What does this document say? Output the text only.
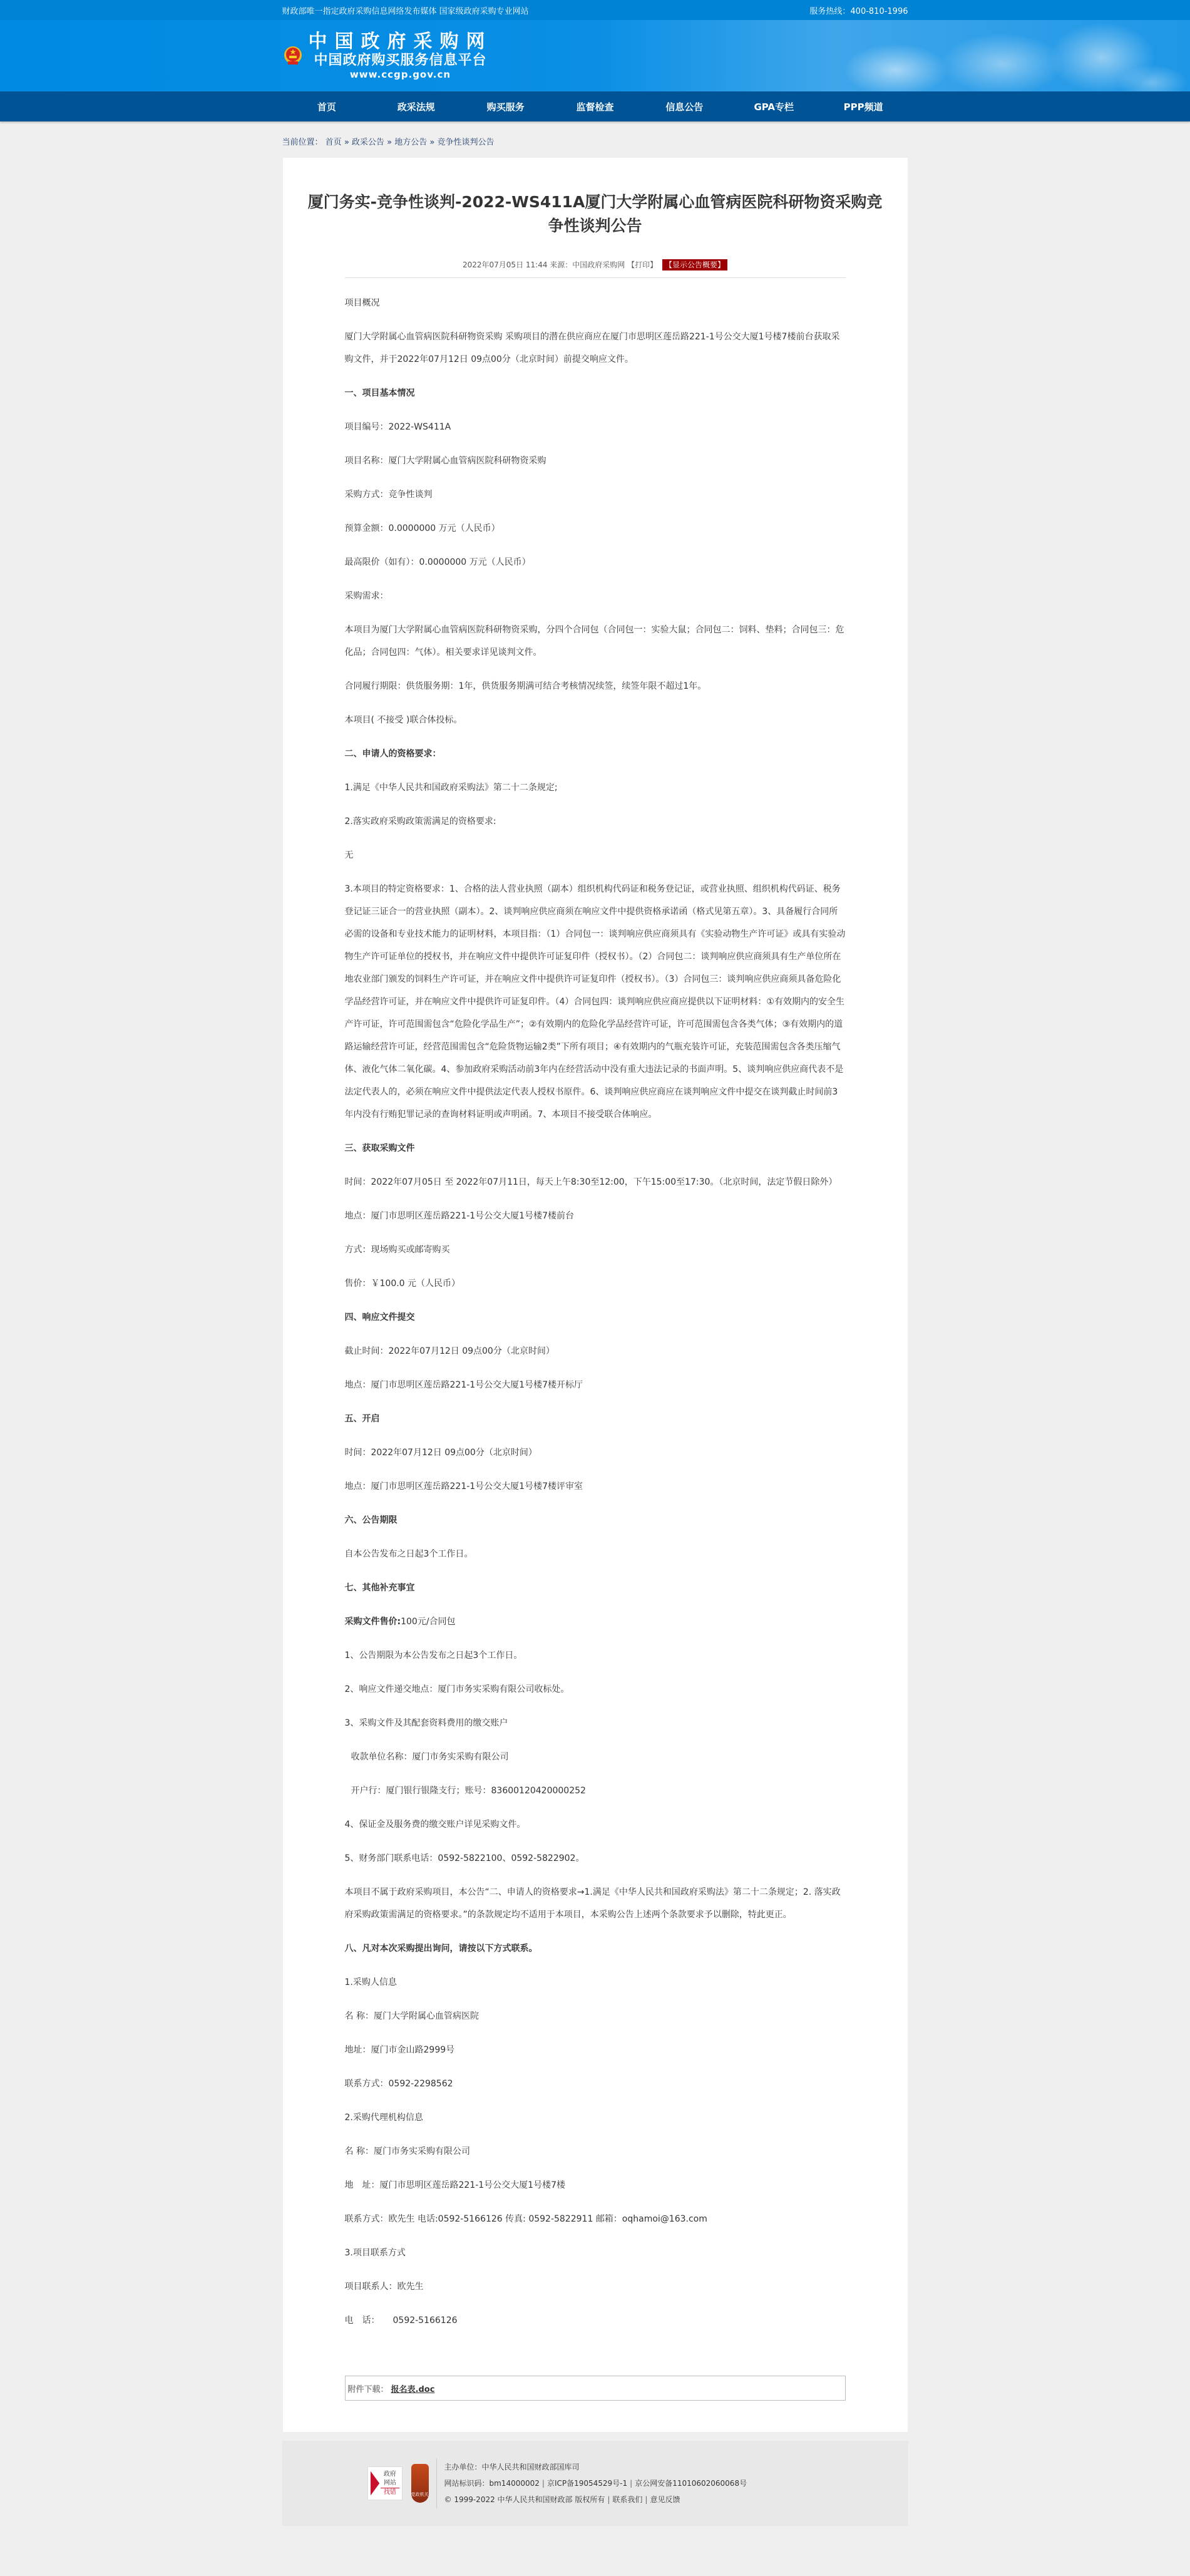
财政部唯一指定政府采购信息网络发布媒体 国家级政府采购专业网站	服务热线：400-810-1996
中国政府采购网
中国政府购买服务信息平台
www.ccgp.gov.cn
首页	政采法规	购买服务	监督检查	信息公告	GPA专栏	PPP频道
当前位置： 首页 » 政采公告 » 地方公告 » 竞争性谈判公告
厦门务实-竞争性谈判-2022-WS411A厦门大学附属心血管病医院科研物资采购竞争性谈判公告
2022年07月05日 11:44 来源：中国政府采购网 【打印】 【显示公告概要】

项目概况

厦门大学附属心血管病医院科研物资采购 采购项目的潜在供应商应在厦门市思明区莲岳路221-1号公交大厦1号楼7楼前台获取采购文件，并于2022年07月12日 09点00分（北京时间）前提交响应文件。

一、项目基本情况

项目编号：2022-WS411A

项目名称：厦门大学附属心血管病医院科研物资采购

采购方式：竞争性谈判

预算金额：0.0000000 万元（人民币）

最高限价（如有）：0.0000000 万元（人民币）

采购需求：

本项目为厦门大学附属心血管病医院科研物资采购，分四个合同包（合同包一：实验大鼠；合同包二：饲料、垫料；合同包三：危化品；合同包四：气体）。相关要求详见谈判文件。

合同履行期限：供货服务期：1年，供货服务期满可结合考核情况续签，续签年限不超过1年。

本项目( 不接受 )联合体投标。

二、申请人的资格要求：

1.满足《中华人民共和国政府采购法》第二十二条规定;

2.落实政府采购政策需满足的资格要求:

无

3.本项目的特定资格要求：1、合格的法人营业执照（副本）组织机构代码证和税务登记证，或营业执照、组织机构代码证、税务登记证三证合一的营业执照（副本）。2、谈判响应供应商须在响应文件中提供资格承诺函（格式见第五章）。3、具备履行合同所必需的设备和专业技术能力的证明材料，本项目指：（1）合同包一：谈判响应供应商须具有《实验动物生产许可证》或具有实验动物生产许可证单位的授权书，并在响应文件中提供许可证复印件（授权书）。（2）合同包二：谈判响应供应商须具有生产单位所在地农业部门颁发的饲料生产许可证，并在响应文件中提供许可证复印件（授权书）。（3）合同包三：谈判响应供应商须具备危险化学品经营许可证，并在响应文件中提供许可证复印件。（4）合同包四：谈判响应供应商应提供以下证明材料：①有效期内的安全生产许可证，许可范围需包含“危险化学品生产”；②有效期内的危险化学品经营许可证，许可范围需包含各类气体；③有效期内的道路运输经营许可证，经营范围需包含“危险货物运输2类”下所有项目；④有效期内的气瓶充装许可证，充装范围需包含各类压缩气体、液化气体二氧化碳。4、参加政府采购活动前3年内在经营活动中没有重大违法记录的书面声明。5、谈判响应供应商代表不是法定代表人的，必须在响应文件中提供法定代表人授权书原件。6、谈判响应供应商应在谈判响应文件中提交在谈判截止时间前3年内没有行贿犯罪记录的查询材料证明或声明函。7、本项目不接受联合体响应。

三、获取采购文件

时间：2022年07月05日 至 2022年07月11日，每天上午8:30至12:00，下午15:00至17:30。（北京时间，法定节假日除外）

地点：厦门市思明区莲岳路221-1号公交大厦1号楼7楼前台

方式：现场购买或邮寄购买

售价：￥100.0 元（人民币）

四、响应文件提交

截止时间：2022年07月12日 09点00分（北京时间）

地点：厦门市思明区莲岳路221-1号公交大厦1号楼7楼开标厅

五、开启

时间：2022年07月12日 09点00分（北京时间）

地点：厦门市思明区莲岳路221-1号公交大厦1号楼7楼评审室

六、公告期限

自本公告发布之日起3个工作日。

七、其他补充事宜

采购文件售价:100元/合同包

1、公告期限为本公告发布之日起3个工作日。

2、响应文件递交地点：厦门市务实采购有限公司收标处。

3、采购文件及其配套资料费用的缴交账户

收款单位名称：厦门市务实采购有限公司

开户行：厦门银行银隆支行；账号：83600120420000252

4、保证金及服务费的缴交账户详见采购文件。

5、财务部门联系电话：0592-5822100、0592-5822902。

本项目不属于政府采购项目，本公告“二、申请人的资格要求→1.满足《中华人民共和国政府采购法》第二十二条规定；2. 落实政府采购政策需满足的资格要求。”的条款规定均不适用于本项目，本采购公告上述两个条款要求予以删除，特此更正。

八、凡对本次采购提出询问，请按以下方式联系。

1.采购人信息

名 称：厦门大学附属心血管病医院

地址：厦门市金山路2999号

联系方式：0592-2298562

2.采购代理机构信息

名 称：厦门市务实采购有限公司

地　址：厦门市思明区莲岳路221-1号公交大厦1号楼7楼

联系方式：欧先生 电话:0592-5166126 传真: 0592-5822911 邮箱：oqhamoi@163.com

3.项目联系方式

项目联系人：欧先生

电　话：　　0592-5166126

附件下载： 报名表.doc
政府网站
找错	党政机关
主办单位：中华人民共和国财政部国库司
网站标识码：bm14000002 | 京ICP备19054529号-1 | 京公网安备11010602060068号
© 1999-2022 中华人民共和国财政部 版权所有 | 联系我们 | 意见反馈
